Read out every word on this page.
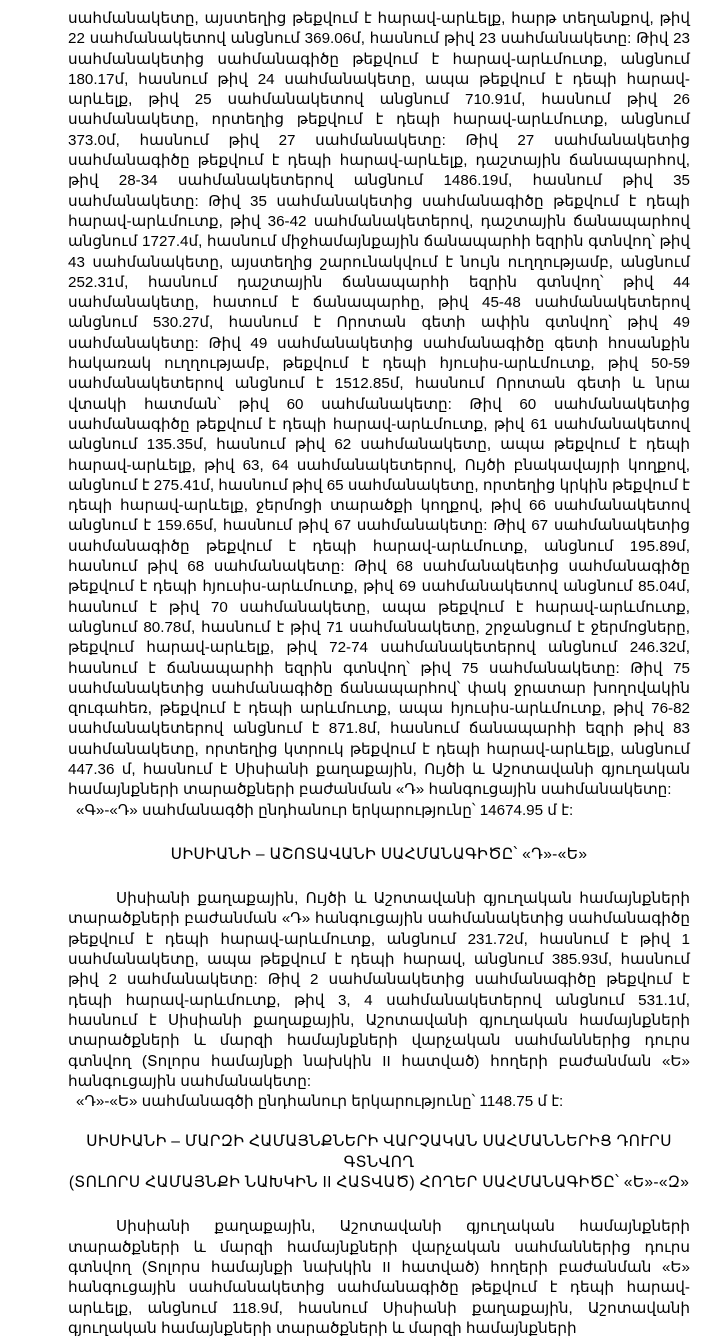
սահմանակետը, այստեղից թեքվում է հարավ-արևելք, հարթ տեղանքով, թիվ 22 սահմանակետով անցնում 369.06մ, հասնում թիվ 23 սահմանակետը: Թիվ 23 սահմանակետից սահմանագիծը թեքվում է հարավ-արևմուտք, անցնում 180.17մ, հասնում թիվ 24 սահմանակետը, ապա թեքվում է դեպի հարավ-արևելք, թիվ 25 սահմանակետով անցնում 710.91մ, հասնում թիվ 26 սահմանակետը, որտեղից թեքվում է դեպի հարավ-արևմուտք, անցնում 373.0մ, հասնում թիվ 27 սահմանակետը: Թիվ 27 սահմանակետից սահմանագիծը թեքվում է դեպի հարավ-արևելք, դաշտային ճանապարհով, թիվ 28-34 սահմանակետերով անցնում 1486.19մ, հասնում թիվ 35 սահմանակետը: Թիվ 35 սահմանակետից սահմանագիծը թեքվում է դեպի հարավ-արևմուտք, թիվ 36-42 սահմանակետերով, դաշտային ճանապարհով անցնում 1727.4մ, հասնում միջհամայնքային ճանապարհի եզրին գտնվող՝ թիվ 43 սահմանակետը, այստեղից շարունակվում է նույն ուղղությամբ, անցնում 252.31մ, հասնում դաշտային ճանապարհի եզրին գտնվող՝ թիվ 44 սահմանակետը, հատում է ճանապարհը, թիվ 45-48 սահմանակետերով անցնում 530.27մ, հասնում է Որոտան գետի ափին գտնվող՝ թիվ 49 սահմանակետը: Թիվ 49 սահմանակետից սահմանագիծը գետի հոսանքին հակառակ ուղղությամբ, թեքվում է դեպի հյուսիս-արևմուտք, թիվ 50-59 սահմանակետերով անցնում է 1512.85մ, հասնում Որոտան գետի և նրա վտակի հատման՝ թիվ 60 սահմանակետը: Թիվ 60 սահմանակետից սահմանագիծը թեքվում է դեպի հարավ-արևմուտք, թիվ 61 սահմանակետով անցնում 135.35մ, հասնում թիվ 62 սահմանակետը, ապա թեքվում է դեպի հարավ-արևելք, թիվ 63, 64 սահմանակետերով, Ույծի բնակավայրի կողքով, անցնում է 275.41մ, հասնում թիվ 65 սահմանակետը, որտեղից կրկին թեքվում է դեպի հարավ-արևելք, ջերմոցի տարածքի կողքով, թիվ 66 սահմանակետով անցնում է 159.65մ, հասնում թիվ 67 սահմանակետը: Թիվ 67 սահմանակետից սահմանագիծը թեքվում է դեպի հարավ-արևմուտք, անցնում 195.89մ, հասնում թիվ 68 սահմանակետը: Թիվ 68 սահմանակետից սահմանագիծը թեքվում է դեպի հյուսիս-արևմուտք, թիվ 69 սահմանակետով անցնում 85.04մ, հասնում է թիվ 70 սահմանակետը, ապա թեքվում է հարավ-արևմուտք, անցնում 80.78մ, հասնում է թիվ 71 սահմանակետը, շրջանցում է ջերմոցները, թեքվում հարավ-արևելք, թիվ 72-74 սահմանակետերով անցնում 246.32մ, հասնում է ճանապարհի եզրին գտնվող՝ թիվ 75 սահմանակետը: Թիվ 75 սահմանակետից սահմանագիծը ճանապարհով՝ փակ ջրատար խողովակին զուգահեռ, թեքվում է դեպի արևմուտք, ապա հյուսիս-արևմուտք, թիվ 76-82 սահմանակետերով անցնում է 871.8մ, հասնում ճանապարհի եզրի թիվ 83 սահմանակետը, որտեղից կտրուկ թեքվում է դեպի հարավ-արևելք, անցնում 447.36 մ, հասնում է Սիսիանի քաղաքային, Ույծի և Աշոտավանի գյուղական համայնքների տարածքների բաժանման «Դ» հանգուցային սահմանակետը:

«Գ»-«Դ» սահմանագծի ընդհանուր երկարությունը՝ 14674.95 մ է:

ՍԻՍԻԱՆԻ – ԱՇՈՏԱՎԱՆԻ ՍԱՀՄԱՆԱԳԻԾԸ՝ «Դ»-«Ե»

Սիսիանի քաղաքային, Ույծի և Աշոտավանի գյուղական համայնքների տարածքների բաժանման «Դ» հանգուցային սահմանակետից սահմանագիծը թեքվում է դեպի հարավ-արևմուտք, անցնում 231.72մ, հասնում է թիվ 1 սահմանակետը, ապա թեքվում է դեպի հարավ, անցնում 385.93մ, հասնում թիվ 2 սահմանակետը: Թիվ 2 սահմանակետից սահմանագիծը թեքվում է դեպի հարավ-արևմուտք, թիվ 3, 4 սահմանակետերով անցնում 531.1մ, հասնում է Սիսիանի քաղաքային, Աշոտավանի գյուղական համայնքների տարածքների և մարզի համայնքների վարչական սահմաններից դուրս գտնվող (Տոլորս համայնքի նախկին II հատված) հողերի բաժանման «Ե» հանգուցային սահմանակետը:

«Դ»-«Ե» սահմանագծի ընդհանուր երկարությունը՝ 1148.75 մ է:

ՍԻՍԻԱՆԻ – ՄԱՐԶԻ ՀԱՄԱՅՆՔՆԵՐԻ ՎԱՐՉԱԿԱՆ ՍԱՀՄԱՆՆԵՐԻՑ ԴՈՒՐՍ ԳՏՆՎՈՂ

(ՏՈԼՈՐՍ ՀԱՄԱՅՆՔԻ ՆԱԽԿԻՆ II ՀԱՏՎԱԾ) ՀՈՂԵՐ ՍԱՀՄԱՆԱԳԻԾԸ՝ «Ե»-«Զ»

Սիսիանի քաղաքային, Աշոտավանի գյուղական համայնքների տարածքների և մարզի համայնքների վարչական սահմաններից դուրս գտնվող (Տոլորս համայնքի նախկին II հատված) հողերի բաժանման «Ե» հանգուցային սահմանակետից սահմանագիծը թեքվում է դեպի հարավ-արևելք, անցնում 118.9մ, հասնում Սիսիանի քաղաքային, Աշոտավանի գյուղական համայնքների տարածքների և մարզի համայնքների
